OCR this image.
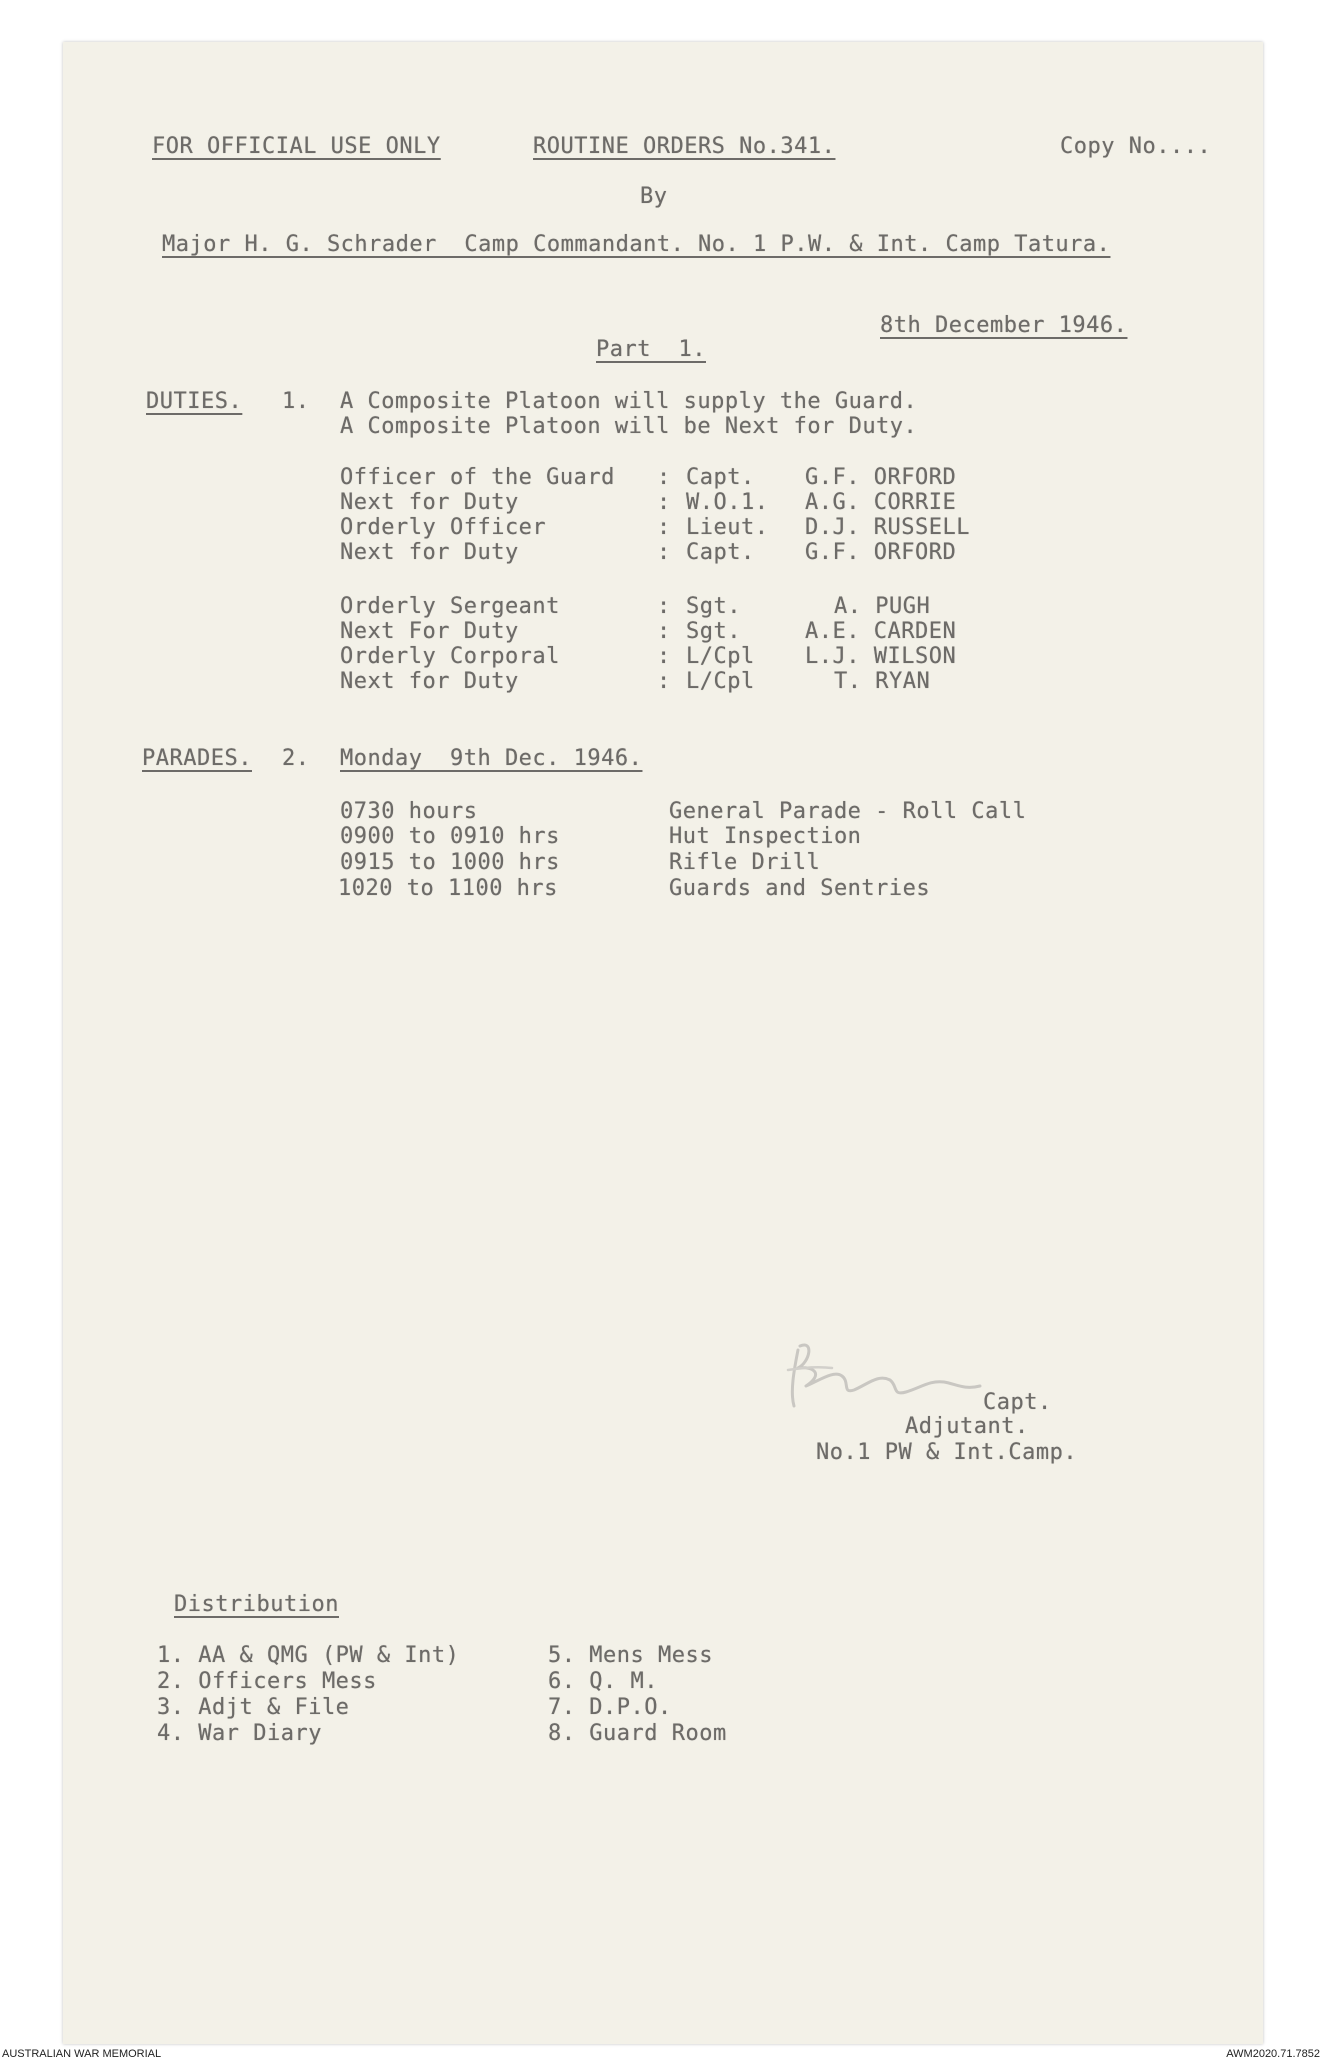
FOR OFFICIAL USE ONLY	ROUTINE ORDERS No.341.	Copy No....
By
Major H. G. Schrader  Camp Commandant. No. 1 P.W. & Int. Camp Tatura.
8th December 1946.
Part  1.
DUTIES. 1. A Composite Platoon will supply the Guard.
A Composite Platoon will be Next for Duty.
Officer of the Guard : Capt. G.F. ORFORD
Next for Duty	: W.O.1. A.G. CORRIE
Orderly Officer	: Lieut. D.J. RUSSELL
Next for Duty	: Capt. G.F. ORFORD
Orderly Sergeant	: Sgt.	A. PUGH
Next For Duty	: Sgt.	A.E. CARDEN
Orderly Corporal	: L/Cpl L.J. WILSON
Next for Duty	: L/Cpl	T. RYAN
PARADES. 2. Monday  9th Dec. 1946.
0730 hours	General Parade - Roll Call
0900 to 0910 hrs	Hut Inspection
0915 to 1000 hrs	Rifle Drill
1020 to 1100 hrs	Guards and Sentries
Capt.
Adjutant.
No.1 PW & Int.Camp.
Distribution
1. AA & QMG (PW & Int)
2. Officers Mess
3. Adjt & File
4. War Diary
5. Mens Mess
6. Q. M.
7. D.P.O.
8. Guard Room
AUSTRALIAN WAR MEMORIAL	AWM2020.71.7852
